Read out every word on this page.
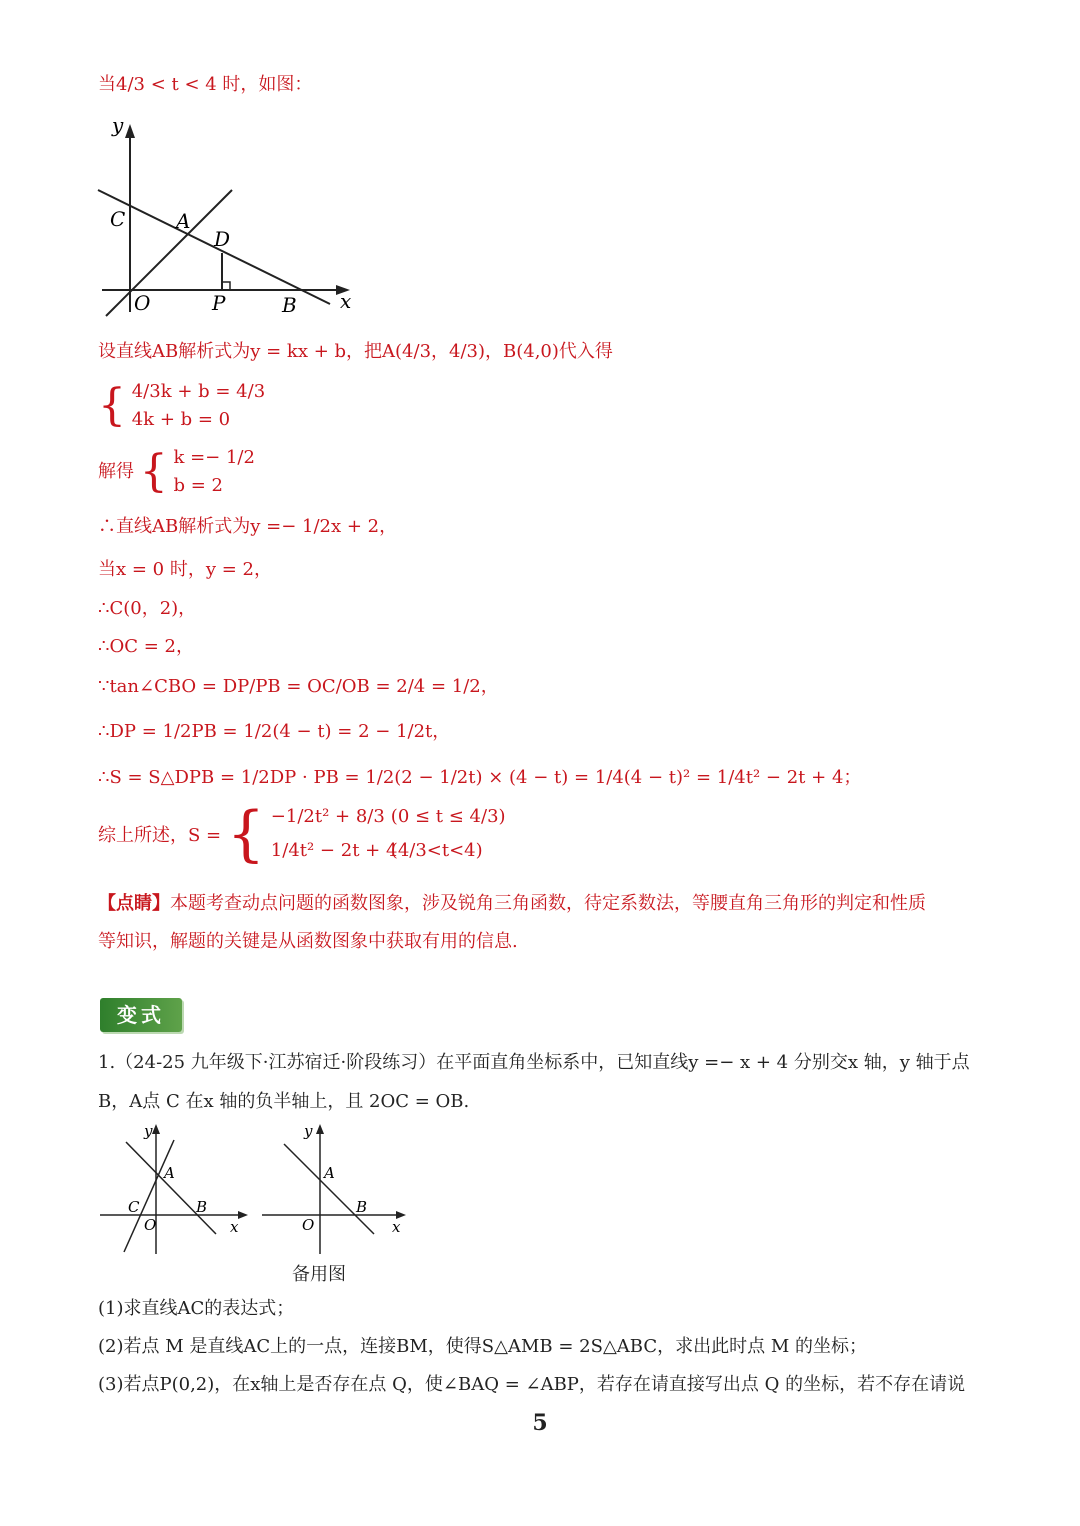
当4/3 < t < 4 时，如图：
y
x
O
C	A
D
P	B
设直线AB解析式为y = kx + b，把A(4/3，4/3)，B(4,0)代入得
{ 4/3k + b = 4/3
4k + b = 0
解得 { k =− 1/2
b = 2
∴直线AB解析式为y =− 1/2x + 2，
当x = 0 时，y = 2，
∴C(0，2)，
∴OC = 2，
∵tan∠CBO = DP/PB = OC/OB = 2/4 = 1/2，
∴DP = 1/2PB = 1/2(4 − t) = 2 − 1/2t，
∴S = S△DPB = 1/2DP · PB = 1/2(2 − 1/2t) × (4 − t) = 1/4(4 − t)² = 1/4t² − 2t + 4；
综上所述，S = { −1/2t² + 8/3 (0 ≤ t ≤ 4/3)
1/4t² − 2t + 4(4/3<t<4)
【点睛】本题考查动点问题的函数图象，涉及锐角三角函数，待定系数法，等腰直角三角形的判定和性质
等知识，解题的关键是从函数图象中获取有用的信息.
变式
1.（24-25 九年级下·江苏宿迁·阶段练习）在平面直角坐标系中，已知直线y =− x + 4 分别交x 轴，y 轴于点
B，A点 C 在x 轴的负半轴上，且 2OC = OB.
y
A
B
C
O	x
y
A
B
O	x
备用图
(1)求直线AC的表达式；
(2)若点 M 是直线AC上的一点，连接BM，使得S△AMB = 2S△ABC，求出此时点 M 的坐标；
(3)若点P(0,2)，在x轴上是否存在点 Q，使∠BAQ = ∠ABP，若存在请直接写出点 Q 的坐标，若不存在请说
5
